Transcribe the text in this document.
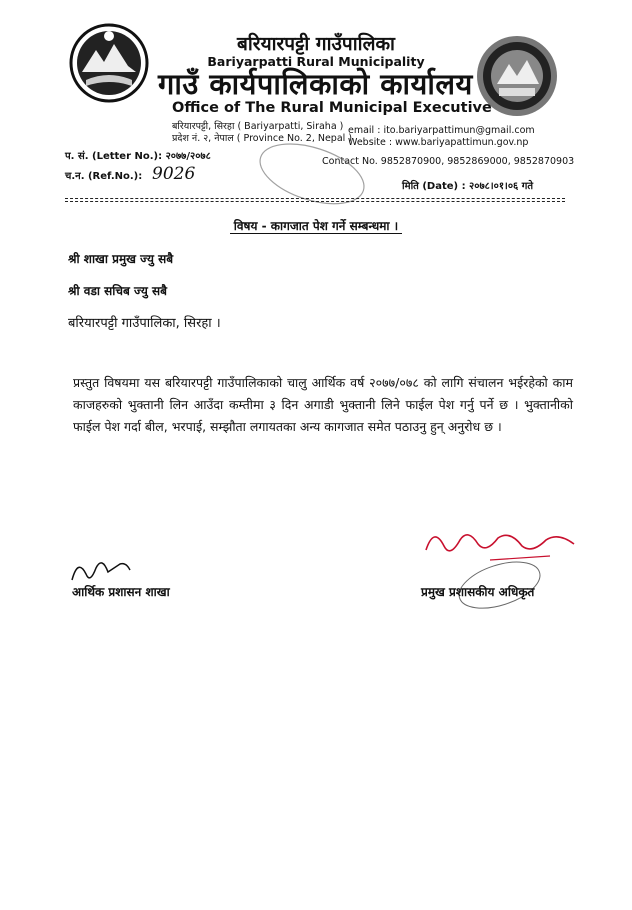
बरियारपट्टी गाउँपालिका
Bariyarpatti Rural Municipality
गाउँ कार्यपालिकाको कार्यालय
Office of The Rural Municipal Executive
बरियारपट्टी, सिरहा ( Bariyarpatti, Siraha )
प्रदेश नं. २, नेपाल ( Province No. 2, Nepal )
email : ito.bariyarpattimun@gmail.com
Website : www.bariyapattimun.gov.np
Contact No. 9852870900, 9852869000, 9852870903
प. सं. (Letter No.): २०७७/२०७८
च.न. (Ref.No.): 9026
मिति (Date) : २०७८।०१।०६ गते
विषय - कागजात पेश गर्ने सम्बन्धमा ।
श्री शाखा प्रमुख ज्यु सबै
श्री वडा सचिब ज्यु सबै
बरियारपट्टी गाउँपालिका, सिरहा ।
प्रस्तुत विषयमा यस बरियारपट्टी गाउँपालिकाको चालु आर्थिक वर्ष २०७७/०७८ को लागि संचालन भईरहेको काम काजहरुको भुक्तानी लिन आउँदा कम्तीमा ३ दिन अगाडी भुक्तानी लिने फाईल पेश गर्नु पर्ने छ । भुक्तानीको फाईल पेश गर्दा बील, भरपाई, सम्झौता लगायतका अन्य कागजात समेत पठाउनु हुन् अनुरोध छ ।
आर्थिक प्रशासन शाखा	प्रमुख प्रशासकीय अधिकृत
